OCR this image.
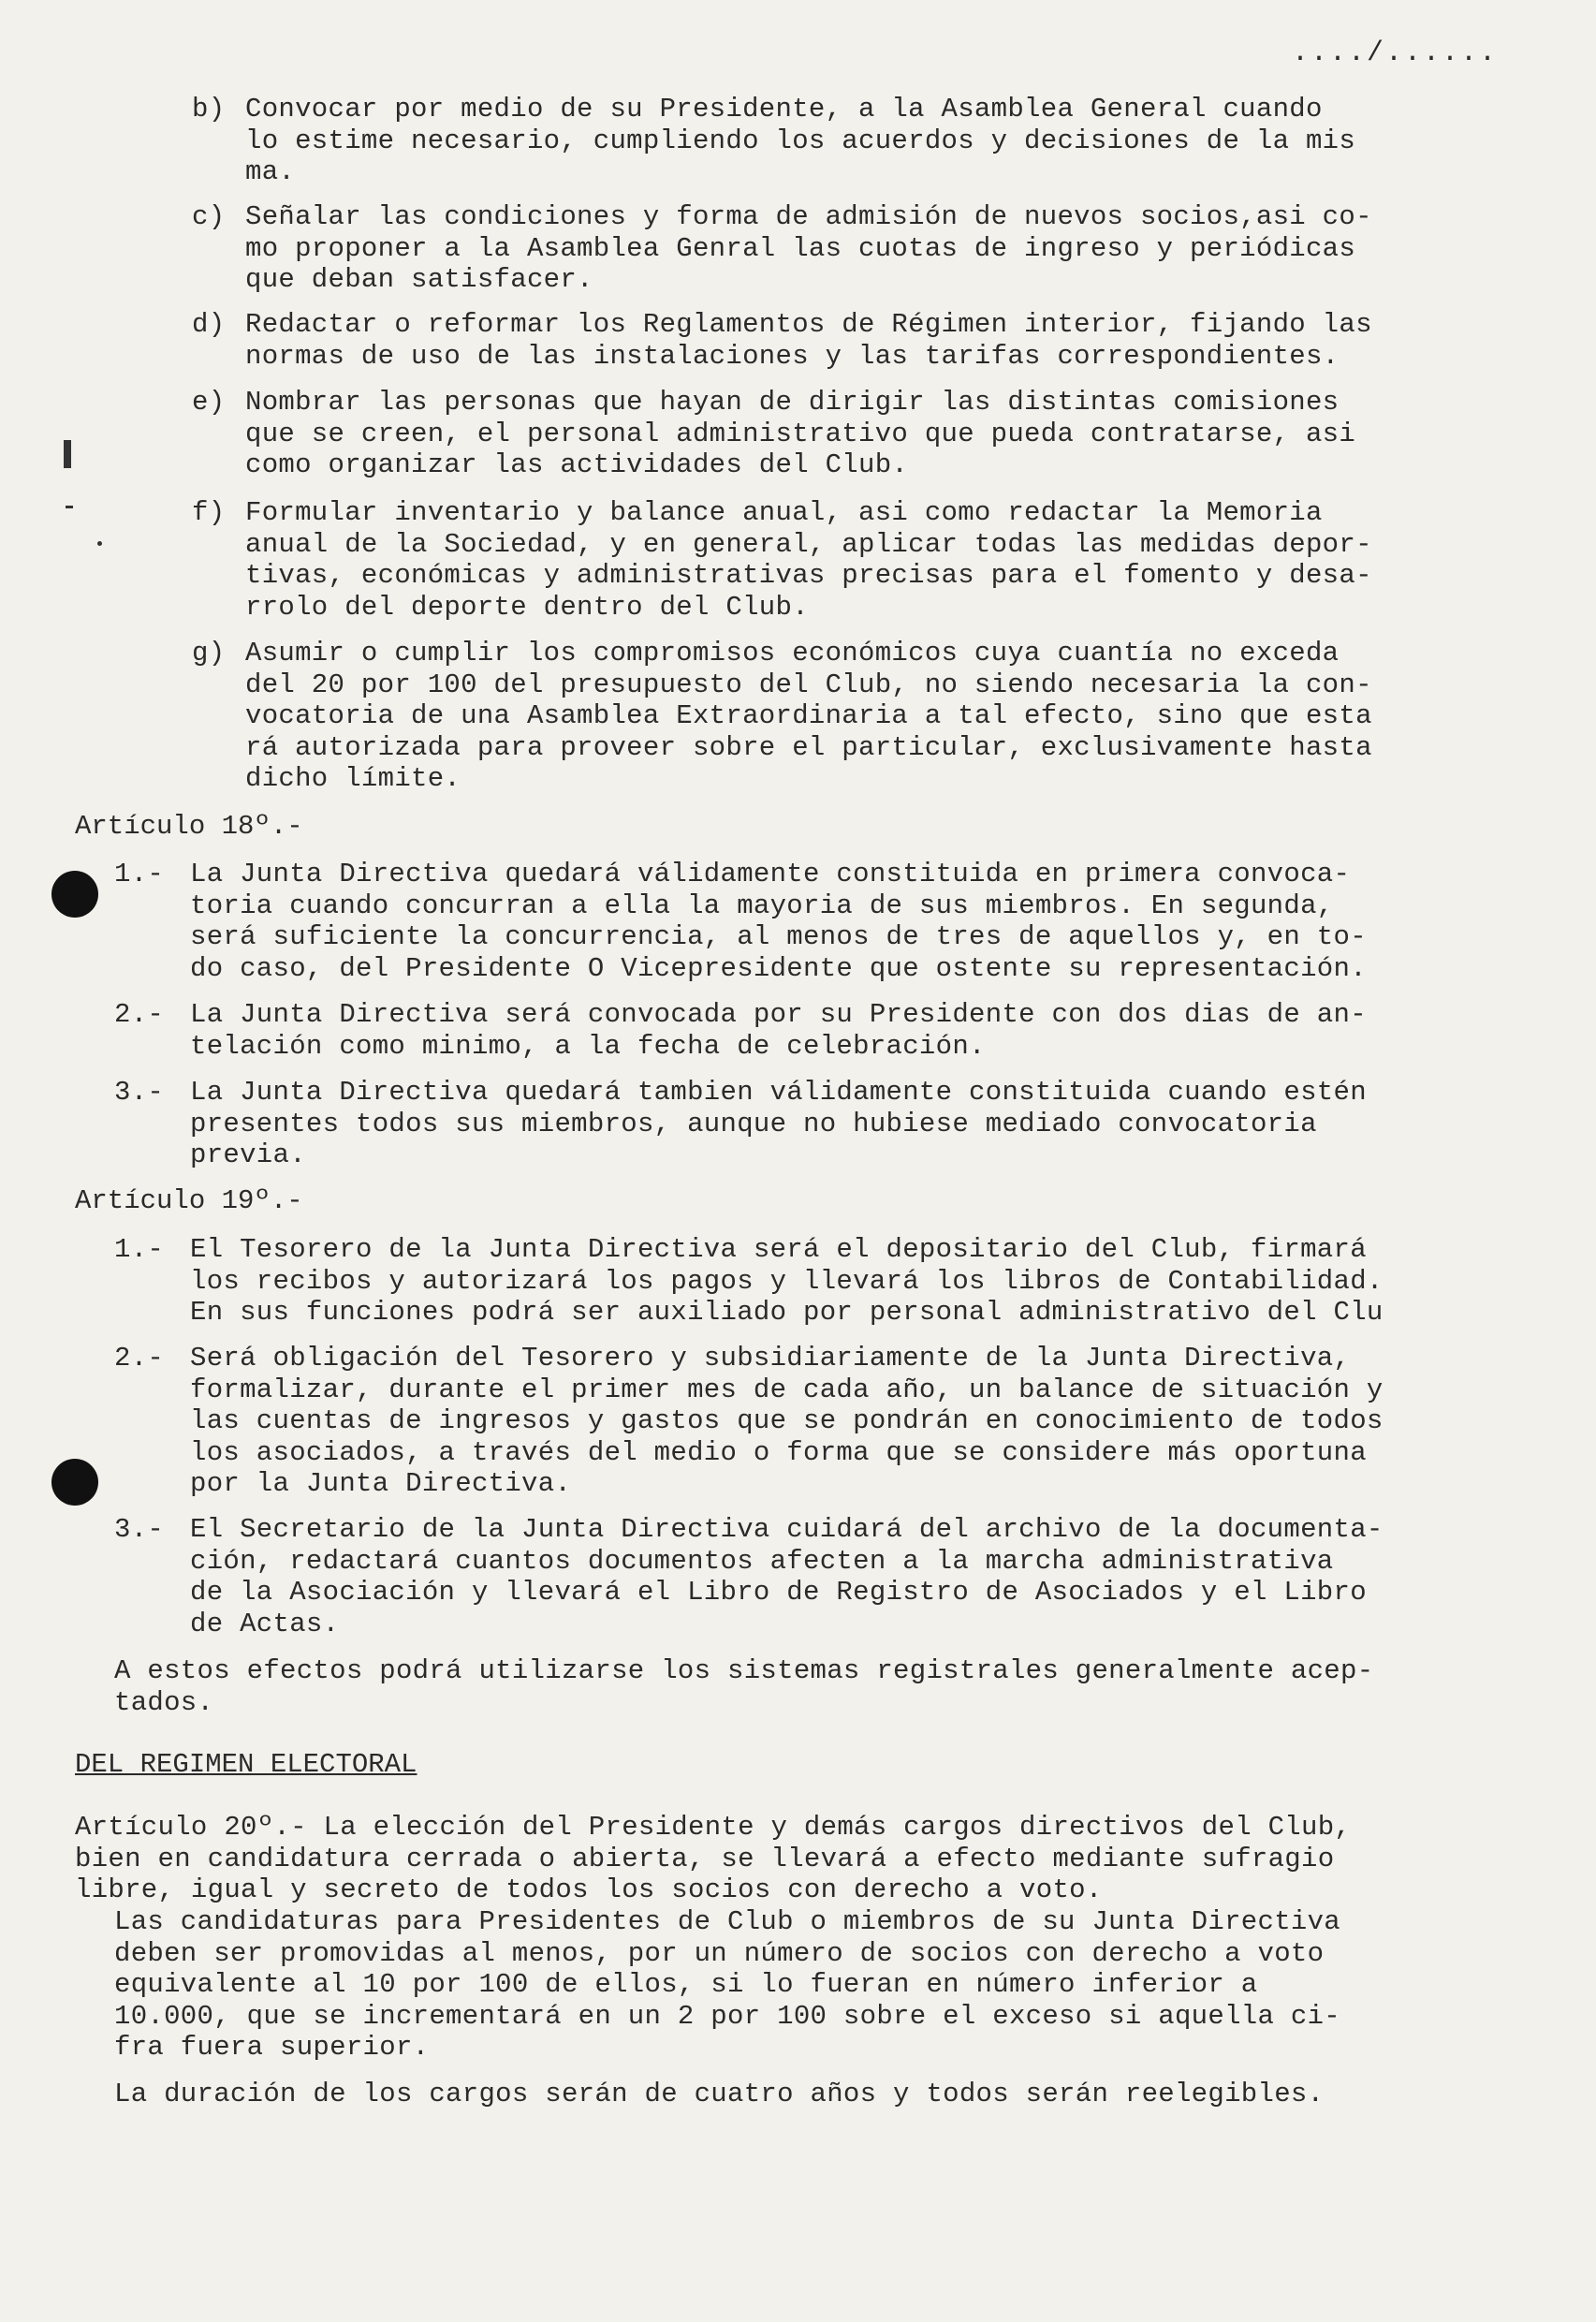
..../......
b) Convocar por medio de su Presidente, a la Asamblea General cuando
lo estime necesario, cumpliendo los acuerdos y decisiones de la mis
ma.
c) Señalar las condiciones y forma de admisión de nuevos socios,asi co-
mo proponer a la Asamblea Genral las cuotas de ingreso y periódicas
que deban satisfacer.
d) Redactar o reformar los Reglamentos de Régimen interior, fijando las
normas de uso de las instalaciones y las tarifas correspondientes.
e) Nombrar las personas que hayan de dirigir las distintas comisiones
que se creen, el personal administrativo que pueda contratarse, asi
como organizar las actividades del Club.
f) Formular inventario y balance anual, asi como redactar la Memoria
anual de la Sociedad, y en general, aplicar todas las medidas depor-
tivas, económicas y administrativas precisas para el fomento y desa-
rrolo del deporte dentro del Club.
g) Asumir o cumplir los compromisos económicos cuya cuantía no exceda
del 20 por 100 del presupuesto del Club, no siendo necesaria la con-
vocatoria de una Asamblea Extraordinaria a tal efecto, sino que esta
rá autorizada para proveer sobre el particular, exclusivamente hasta
dicho límite.
Artículo 18º.-
1.- La Junta Directiva quedará válidamente constituida en primera convoca-
toria cuando concurran a ella la mayoria de sus miembros. En segunda,
será suficiente la concurrencia, al menos de tres de aquellos y, en to-
do caso, del Presidente O Vicepresidente que ostente su representación.
2.- La Junta Directiva será convocada por su Presidente con dos dias de an-
telación como minimo, a la fecha de celebración.
3.- La Junta Directiva quedará tambien válidamente constituida cuando estén
presentes todos sus miembros, aunque no hubiese mediado convocatoria
previa.
Artículo 19º.-
1.- El Tesorero de la Junta Directiva será el depositario del Club, firmará
los recibos y autorizará los pagos y llevará los libros de Contabilidad.
En sus funciones podrá ser auxiliado por personal administrativo del Clu
2.- Será obligación del Tesorero y subsidiariamente de la Junta Directiva,
formalizar, durante el primer mes de cada año, un balance de situación y
las cuentas de ingresos y gastos que se pondrán en conocimiento de todos
los asociados, a través del medio o forma que se considere más oportuna
por la Junta Directiva.
3.- El Secretario de la Junta Directiva cuidará del archivo de la documenta-
ción, redactará cuantos documentos afecten a la marcha administrativa
de la Asociación y llevará el Libro de Registro de Asociados y el Libro
de Actas.
A estos efectos podrá utilizarse los sistemas registrales generalmente acep-
tados.
DEL REGIMEN ELECTORAL
Artículo 20º.- La elección del Presidente y demás cargos directivos del Club,
bien en candidatura cerrada o abierta, se llevará a efecto mediante sufragio
libre, igual y secreto de todos los socios con derecho a voto.
Las candidaturas para Presidentes de Club o miembros de su Junta Directiva
deben ser promovidas al menos, por un número de socios con derecho a voto
equivalente al 10 por 100 de ellos, si lo fueran en número inferior a
10.000, que se incrementará en un 2 por 100 sobre el exceso si aquella ci-
fra fuera superior.
La duración de los cargos serán de cuatro años y todos serán reelegibles.
